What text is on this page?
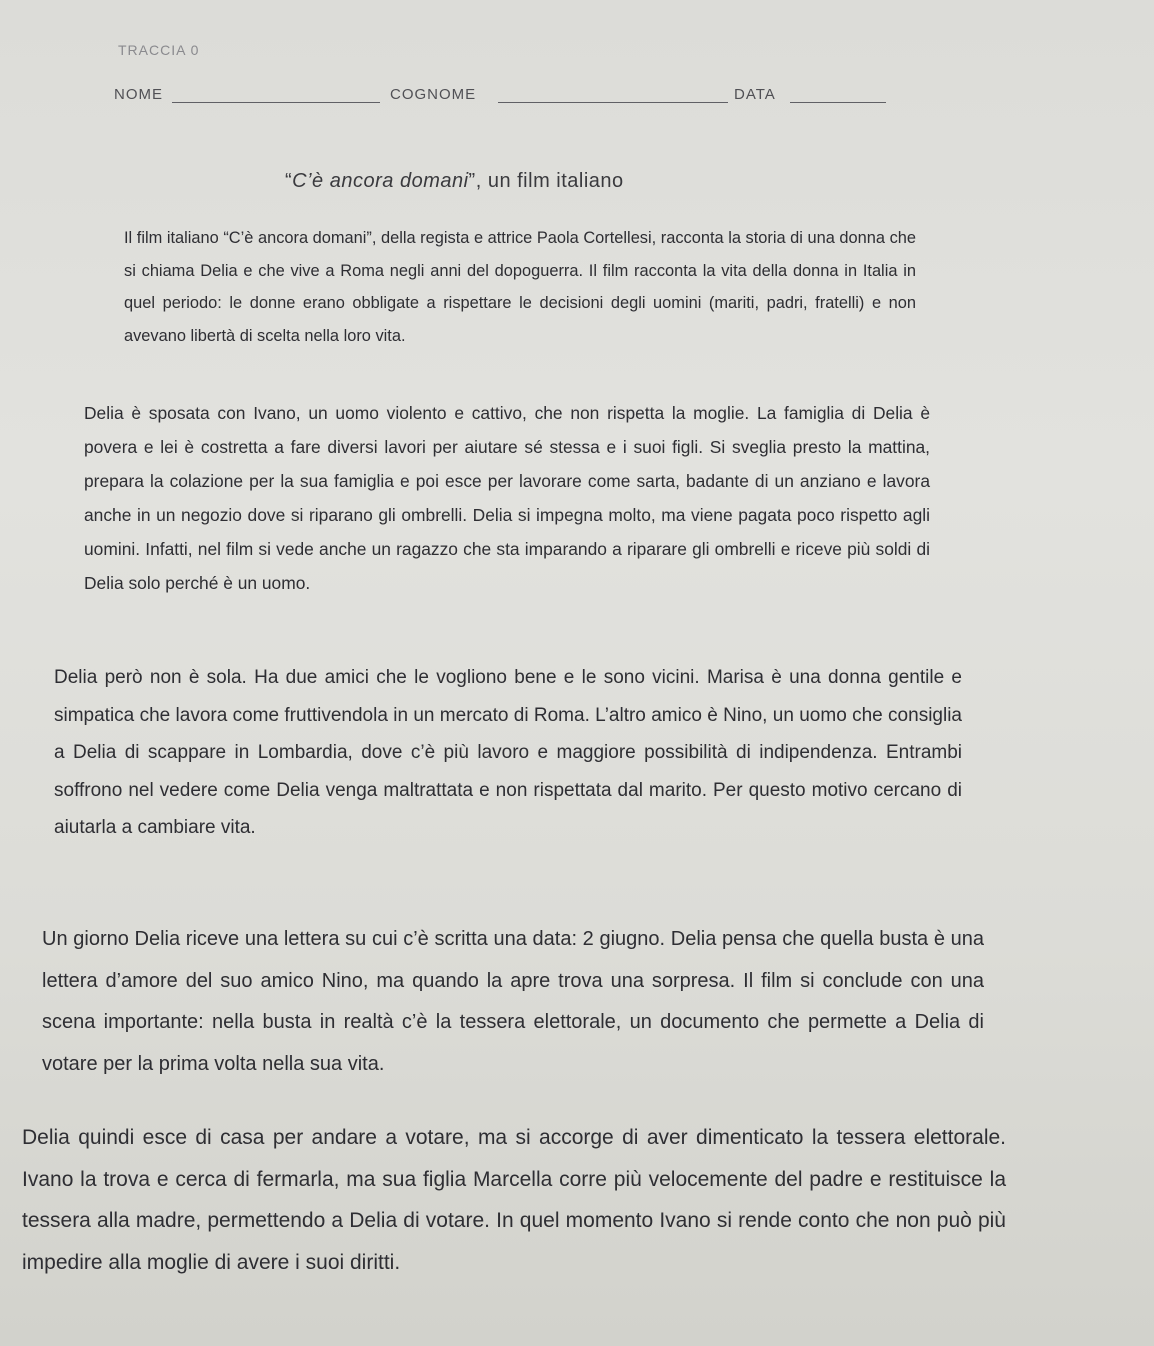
TRACCIA 0
NOME	COGNOME	DATA
“C’è ancora domani”, un film italiano

Il film italiano “C’è ancora domani”, della regista e attrice Paola Cortellesi, racconta la storia di una donna che si chiama Delia e che vive a Roma negli anni del dopoguerra. Il film racconta la vita della donna in Italia in quel periodo: le donne erano obbligate a rispettare le decisioni degli uomini (mariti, padri, fratelli) e non avevano libertà di scelta nella loro vita.

Delia è sposata con Ivano, un uomo violento e cattivo, che non rispetta la moglie. La famiglia di Delia è povera e lei è costretta a fare diversi lavori per aiutare sé stessa e i suoi figli. Si sveglia presto la mattina, prepara la colazione per la sua famiglia e poi esce per lavorare come sarta, badante di un anziano e lavora anche in un negozio dove si riparano gli ombrelli. Delia si impegna molto, ma viene pagata poco rispetto agli uomini. Infatti, nel film si vede anche un ragazzo che sta imparando a riparare gli ombrelli e riceve più soldi di Delia solo perché è un uomo.

Delia però non è sola. Ha due amici che le vogliono bene e le sono vicini. Marisa è una donna gentile e simpatica che lavora come fruttivendola in un mercato di Roma. L’altro amico è Nino, un uomo che consiglia a Delia di scappare in Lombardia, dove c’è più lavoro e maggiore possibilità di indipendenza. Entrambi soffrono nel vedere come Delia venga maltrattata e non rispettata dal marito. Per questo motivo cercano di aiutarla a cambiare vita.

Un giorno Delia riceve una lettera su cui c’è scritta una data: 2 giugno. Delia pensa che quella busta è una lettera d’amore del suo amico Nino, ma quando la apre trova una sorpresa. Il film si conclude con una scena importante: nella busta in realtà c’è la tessera elettorale, un documento che permette a Delia di votare per la prima volta nella sua vita.

Delia quindi esce di casa per andare a votare, ma si accorge di aver dimenticato la tessera elettorale. Ivano la trova e cerca di fermarla, ma sua figlia Marcella corre più velocemente del padre e restituisce la tessera alla madre, permettendo a Delia di votare. In quel momento Ivano si rende conto che non può più impedire alla moglie di avere i suoi diritti.
